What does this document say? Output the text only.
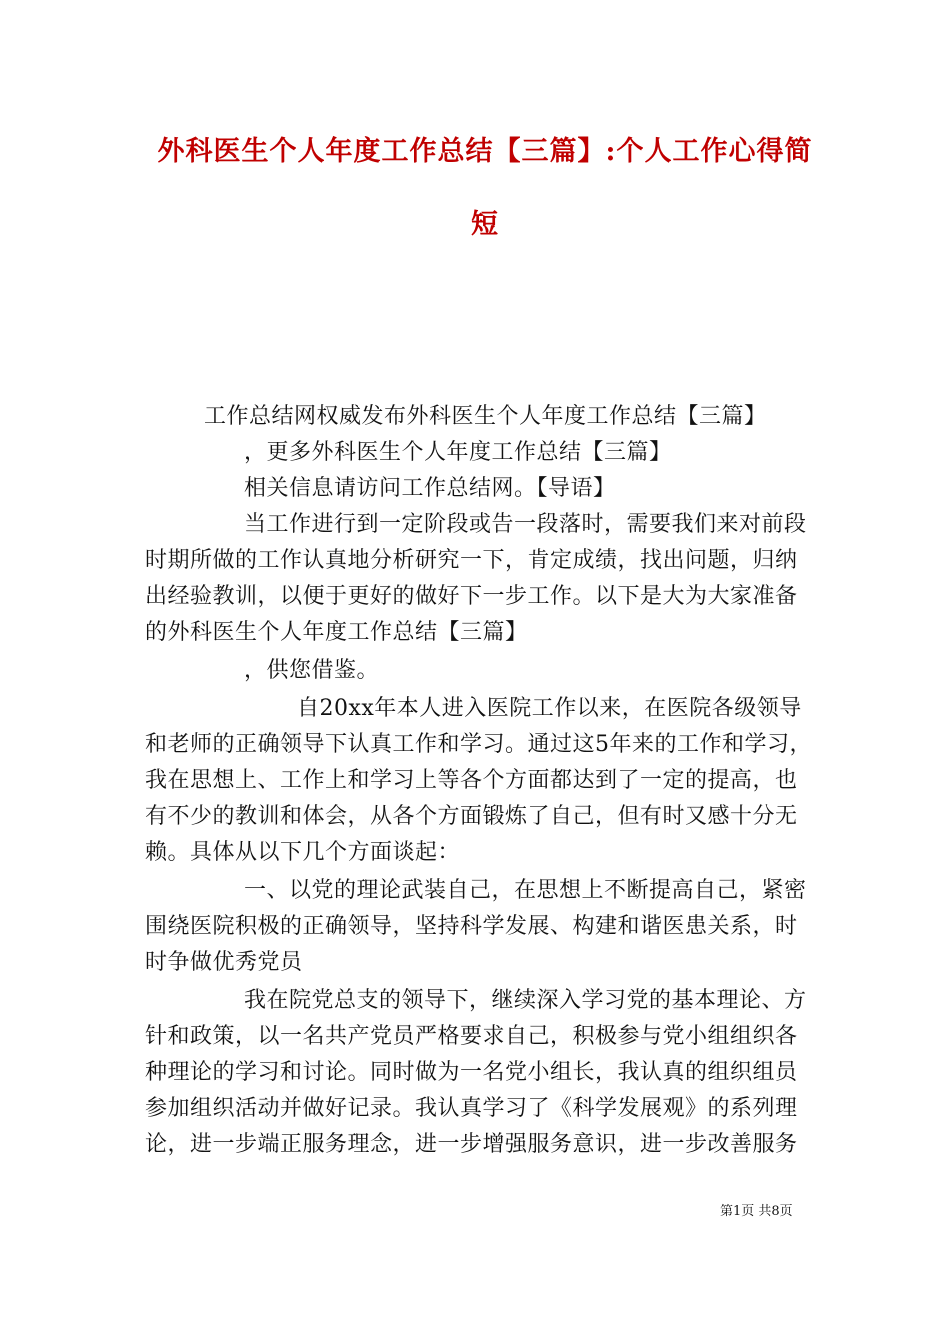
外科医生个人年度工作总结【三篇】:个人工作心得简
短
工作总结网权威发布外科医生个人年度工作总结【三篇】
，更多外科医生个人年度工作总结【三篇】
相关信息请访问工作总结网。【导语】
当工作进行到一定阶段或告一段落时，需要我们来对前段
时期所做的工作认真地分析研究一下，肯定成绩，找出问题，归纳
出经验教训，以便于更好的做好下一步工作。以下是大为大家准备
的外科医生个人年度工作总结【三篇】
，供您借鉴。
自20xx年本人进入医院工作以来，在医院各级领导
和老师的正确领导下认真工作和学习。通过这5年来的工作和学习，
我在思想上、工作上和学习上等各个方面都达到了一定的提高，也
有不少的教训和体会，从各个方面锻炼了自己，但有时又感十分无
赖。具体从以下几个方面谈起：
一、以党的理论武装自己，在思想上不断提高自己，紧密
围绕医院积极的正确领导，坚持科学发展、构建和谐医患关系，时
时争做优秀党员
我在院党总支的领导下，继续深入学习党的基本理论、方
针和政策，以一名共产党员严格要求自己，积极参与党小组组织各
种理论的学习和讨论。同时做为一名党小组长，我认真的组织组员
参加组织活动并做好记录。我认真学习了《科学发展观》的系列理
论，进一步端正服务理念，进一步增强服务意识，进一步改善服务
第1页 共8页
